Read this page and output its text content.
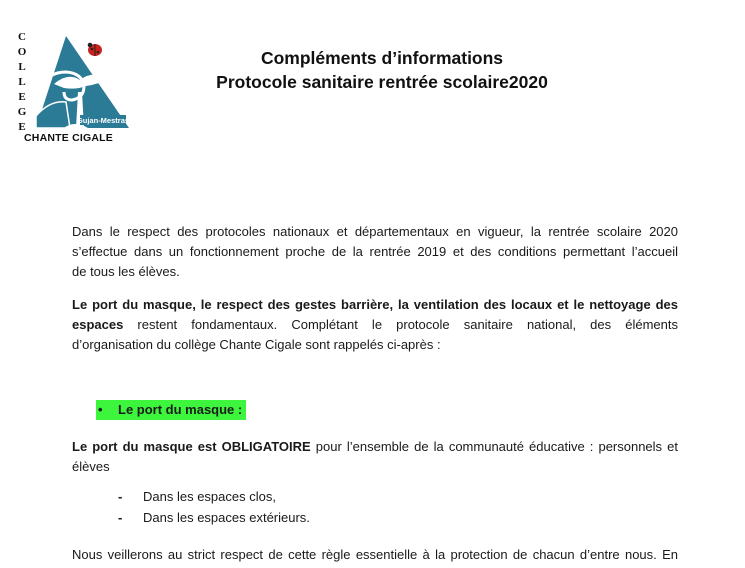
Gujan-Mestras
C
O
L
L
E
G
E
CHANTE CIGALE
Compléments d’informations
Protocole sanitaire rentrée scolaire2020
Dans le respect des protocoles nationaux et départementaux en vigueur, la rentrée scolaire 2020
s’effectue dans un fonctionnement proche de la rentrée 2019 et des conditions permettant l’accueil
de tous les élèves.
Le port du masque, le respect des gestes barrière, la ventilation des locaux et le nettoyage des
espaces restent fondamentaux. Complétant le protocole sanitaire national, des éléments
d’organisation du collège Chante Cigale sont rappelés ci-après :
• Le port du masque :
Le port du masque est OBLIGATOIRE pour l’ensemble de la communauté éducative : personnels et
élèves
- Dans les espaces clos,
- Dans les espaces extérieurs.
Nous veillerons au strict respect de cette règle essentielle à la protection de chacun d’entre nous. En
